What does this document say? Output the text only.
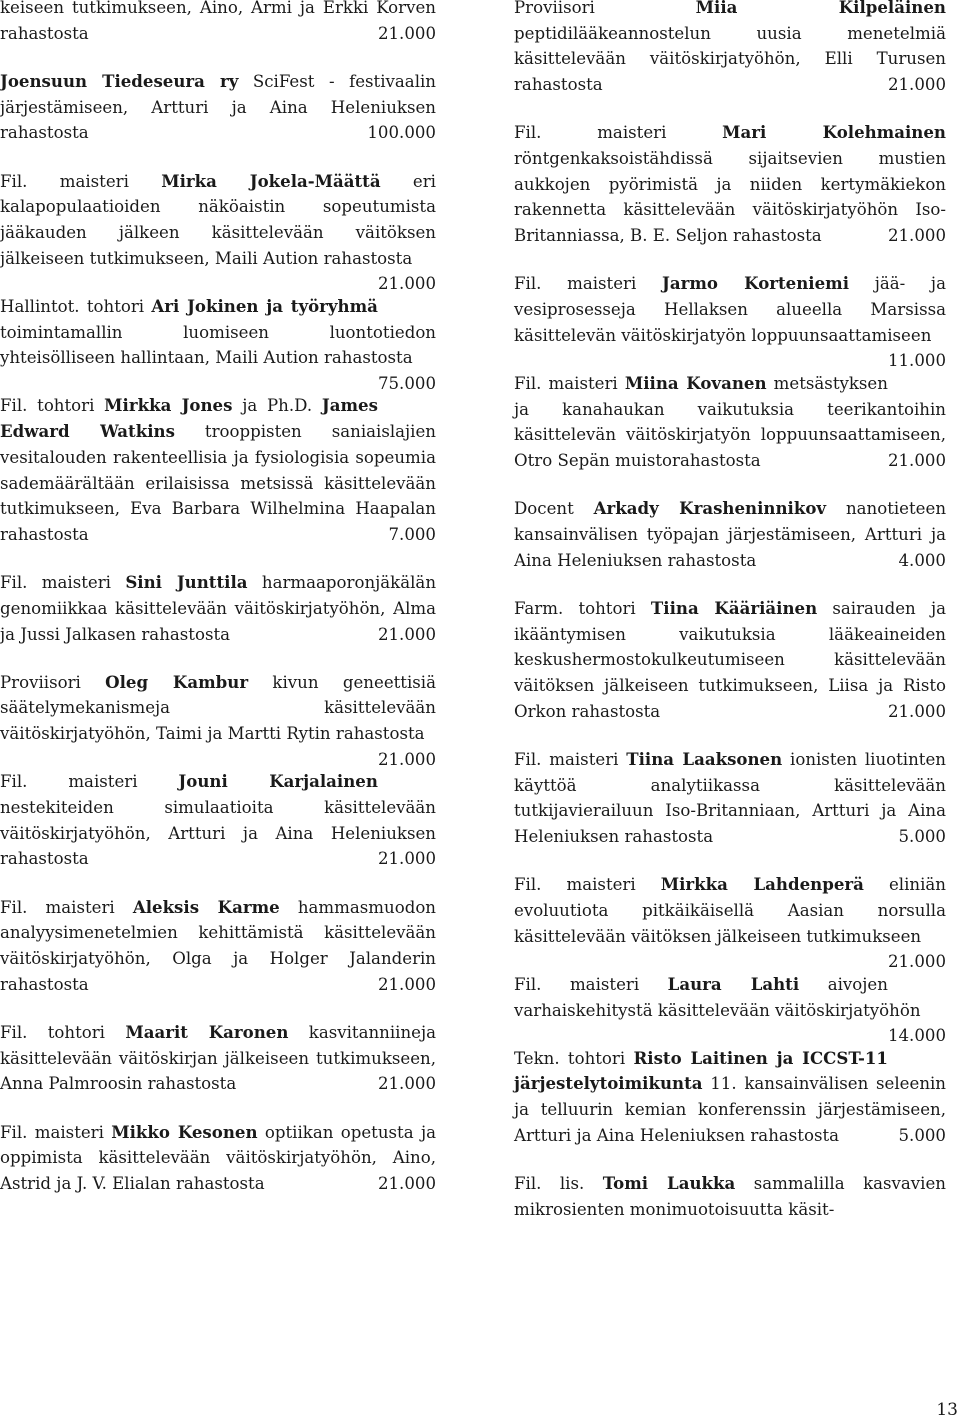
keiseen tutkimukseen, Aino, Armi ja Erkki Korven rahastosta	21.000

Joensuun Tiedeseura ry SciFest - festivaalin järjestämiseen, Artturi ja Aina Heleniuksen rahastosta	100.000

Fil. maisteri Mirka Jokela-Määttä eri kalapopulaatioiden näköaistin sopeutumista jääkauden jälkeen käsittelevään väitöksen jälkeiseen tutkimukseen, Maili Aution rahastosta
21.000

Hallintot. tohtori Ari Jokinen ja työryhmä toimintamallin luomiseen luontotiedon yhteisölliseen hallintaan, Maili Aution rahastosta
75.000

Fil. tohtori Mirkka Jones ja Ph.D. James Edward Watkins trooppisten saniaislajien vesitalouden rakenteellisia ja fysiologisia sopeumia sademäärältään erilaisissa metsissä käsittelevään tutkimukseen, Eva Barbara Wilhelmina Haapalan rahastosta	7.000

Fil. maisteri Sini Junttila harmaaporonjäkälän genomiikkaa käsittelevään väitöskirjatyöhön, Alma ja Jussi Jalkasen rahastosta	21.000

Proviisori Oleg Kambur kivun geneettisiä säätelymekanismeja käsittelevään väitöskirjatyöhön, Taimi ja Martti Rytin rahastosta
21.000

Fil. maisteri Jouni Karjalainen nestekiteiden simulaatioita käsittelevään väitöskirjatyöhön, Artturi ja Aina Heleniuksen rahastosta	21.000

Fil. maisteri Aleksis Karme hammasmuodon analyysimenetelmien kehittämistä käsittelevään väitöskirjatyöhön, Olga ja Holger Jalanderin rahastosta	21.000

Fil. tohtori Maarit Karonen kasvitanniineja käsittelevään väitöskirjan jälkeiseen tutkimukseen, Anna Palmroosin rahastosta	21.000

Fil. maisteri Mikko Kesonen optiikan opetusta ja oppimista käsittelevään väitöskirjatyöhön, Aino, Astrid ja J. V. Elialan rahastosta	21.000

Proviisori Miia Kilpeläinen peptidilääkeannostelun uusia menetelmiä käsittelevään väitöskirjatyöhön, Elli Turusen rahastosta	21.000

Fil. maisteri Mari Kolehmainen röntgenkaksoistähdissä sijaitsevien mustien aukkojen pyörimistä ja niiden kertymäkiekon rakennetta käsittelevään väitöskirjatyöhön Iso-Britanniassa, B. E. Seljon rahastosta	21.000

Fil. maisteri Jarmo Korteniemi jää- ja vesiprosesseja Hellaksen alueella Marsissa käsittelevän väitöskirjatyön loppuunsaattamiseen
11.000

Fil. maisteri Miina Kovanen metsästyksen ja kanahaukan vaikutuksia teerikantoihin käsittelevän väitöskirjatyön loppuunsaattamiseen, Otro Sepän muistorahastosta	21.000

Docent Arkady Krasheninnikov nanotieteen kansainvälisen työpajan järjestämiseen, Artturi ja Aina Heleniuksen rahastosta	4.000

Farm. tohtori Tiina Kääriäinen sairauden ja ikääntymisen vaikutuksia lääkeaineiden keskushermostokulkeutumiseen käsittelevään väitöksen jälkeiseen tutkimukseen, Liisa ja Risto Orkon rahastosta	21.000

Fil. maisteri Tiina Laaksonen ionisten liuotinten käyttöä analytiikassa käsittelevään tutkijavierailuun Iso-Britanniaan, Artturi ja Aina Heleniuksen rahastosta	5.000

Fil. maisteri Mirkka Lahdenperä eliniän evoluutiota pitkäikäisellä Aasian norsulla käsittelevään väitöksen jälkeiseen tutkimukseen
21.000

Fil. maisteri Laura Lahti aivojen varhaiskehitystä käsittelevään väitöskirjatyöhön
14.000

Tekn. tohtori Risto Laitinen ja ICCST-11 järjestelytoimikunta 11. kansainvälisen seleenin ja telluurin kemian konferenssin järjestämiseen, Artturi ja Aina Heleniuksen rahastosta	5.000

Fil. lis. Tomi Laukka sammalilla kasvavien mikrosienten monimuotoisuutta käsit-

13
